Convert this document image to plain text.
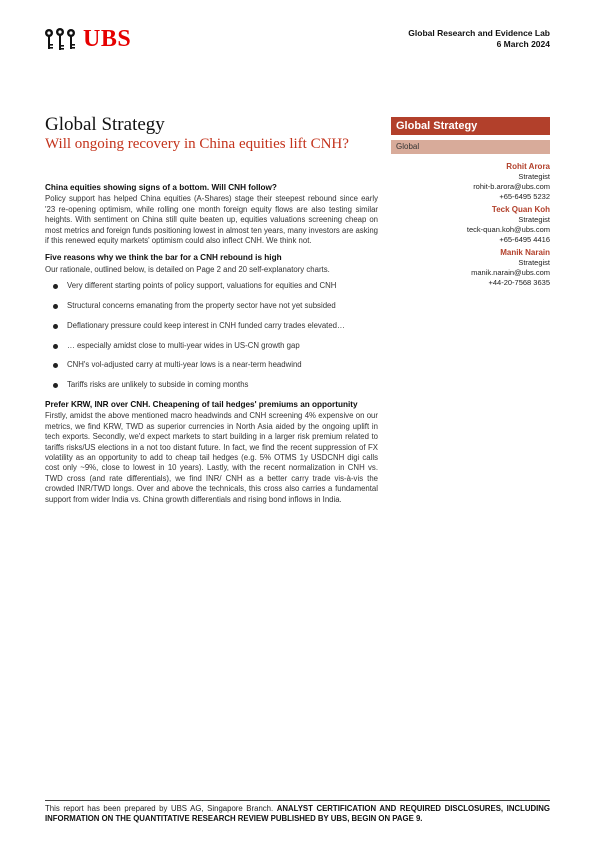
UBS	Global Research and Evidence Lab
6 March 2024
Global Strategy
Will ongoing recovery in China equities lift CNH?
Global Strategy
Global
Rohit Arora
Strategist
rohit-b.arora@ubs.com
+65-6495 5232
Teck Quan Koh
Strategist
teck-quan.koh@ubs.com
+65-6495 4416
Manik Narain
Strategist
manik.narain@ubs.com
+44-20-7568 3635
China equities showing signs of a bottom. Will CNH follow?

Policy support has helped China equities (A-Shares) stage their steepest rebound since early '23 re-opening optimism, while rolling one month foreign equity flows are also testing similar heights. With sentiment on China still quite beaten up, equities valuations screening cheap on most metrics and foreign funds positioning lowest in almost ten years, many investors are asking if this renewed equity markets' optimism could also inflect CNH. We think not.

Five reasons why we think the bar for a CNH rebound is high

Our rationale, outlined below, is detailed on Page 2 and 20 self-explanatory charts.

Very different starting points of policy support, valuations for equities and CNH
Structural concerns emanating from the property sector have not yet subsided
Deflationary pressure could keep interest in CNH funded carry trades elevated…
… especially amidst close to multi-year wides in US-CN growth gap
CNH's vol-adjusted carry at multi-year lows is a near-term headwind
Tariffs risks are unlikely to subside in coming months
Prefer KRW, INR over CNH. Cheapening of tail hedges' premiums an opportunity

Firstly, amidst the above mentioned macro headwinds and CNH screening 4% expensive on our metrics, we find KRW, TWD as superior currencies in North Asia aided by the ongoing uplift in tech exports. Secondly, we'd expect markets to start building in a larger risk premium related to tariffs risks/US elections in a not too distant future. In fact, we find the recent suppression of FX volatility as an opportunity to add to cheap tail hedges (e.g. 5% OTMS 1y USDCNH digi calls cost only ~9%, close to lowest in 10 years). Lastly, with the recent normalization in CNH vs. TWD cross (and rate differentials), we find INR/ CNH as a better carry trade vis-à-vis the crowded INR/TWD longs. Over and above the technicals, this cross also carries a fundamental support from wider India vs. China growth differentials and rising bond inflows in India.

This report has been prepared by UBS AG, Singapore Branch. ANALYST CERTIFICATION AND REQUIRED DISCLOSURES, INCLUDING INFORMATION ON THE QUANTITATIVE RESEARCH REVIEW PUBLISHED BY UBS, BEGIN ON PAGE 9.
